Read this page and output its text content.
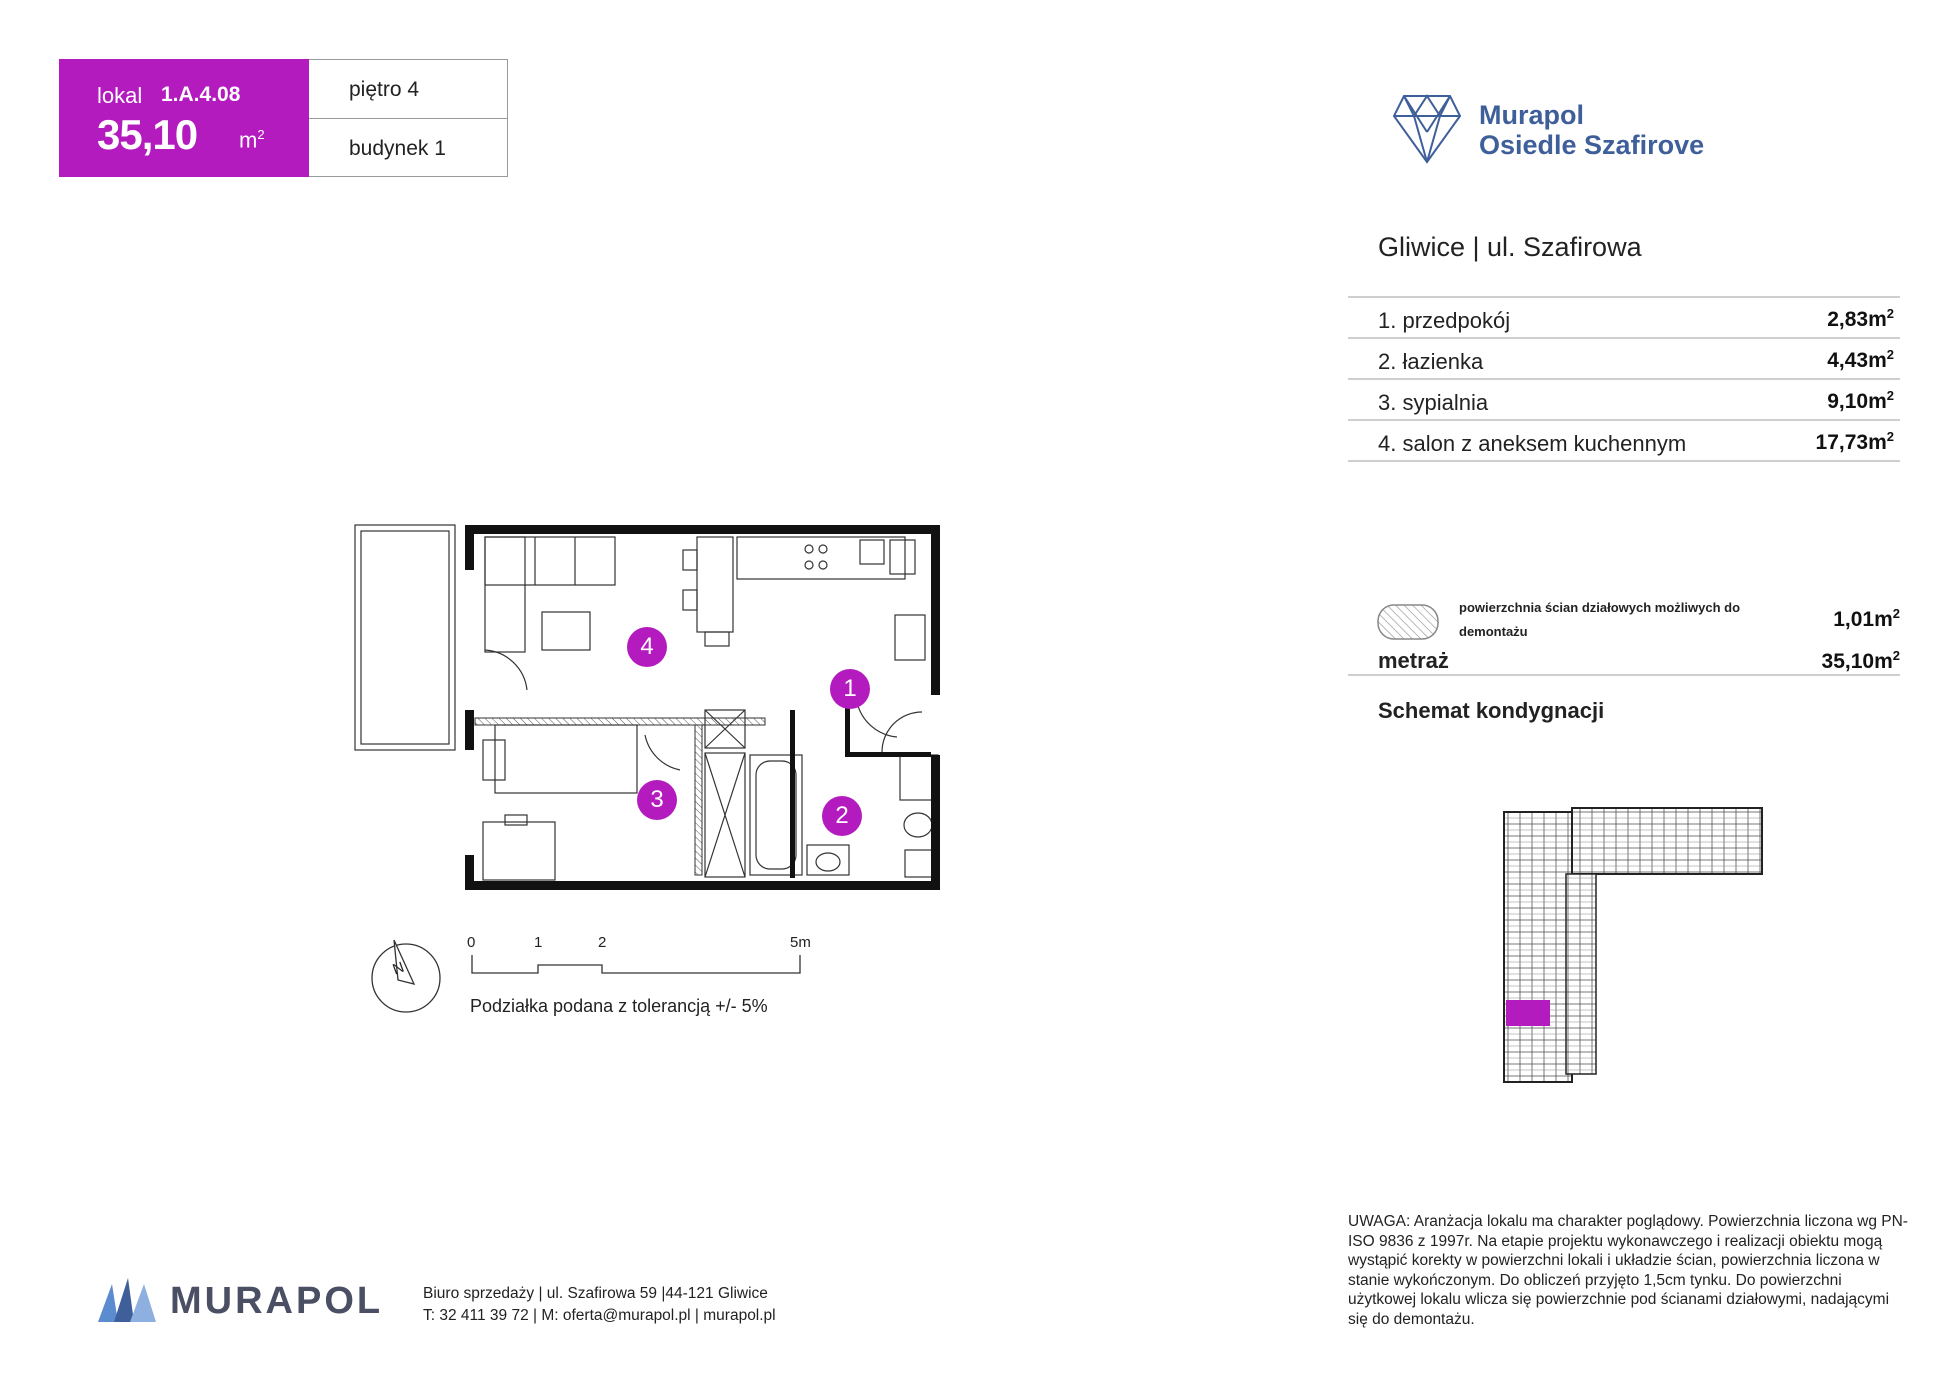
lokal 1.A.4.08
35,10 $m^2$
piętro 4
budynek 1
Murapol
Osiedle Szafirove
Gliwice | ul. Szafirowa
1. przedpokój	$2,83m^2$
2. łazienka	$4,43m^2$
3. sypialnia	$9,10m^2$
4. salon z aneksem kuchennym	$17,73m^2$
powierzchnia ścian działowych możliwych do demontażu
$1,01m^2$
metraż	$35,10m^2$
Schemat kondygnacji
4
1
3
2
N
0	1	2	5m
Podziałka podana z tolerancją +/- 5%
UWAGA: Aranżacja lokalu ma charakter poglądowy. Powierzchnia liczona wg PN-ISO 9836 z 1997r. Na etapie projektu wykonawczego i realizacji obiektu mogą wystąpić korekty w powierzchni lokali i układzie ścian, powierzchnia liczona w stanie wykończonym. Do obliczeń przyjęto 1,5cm tynku. Do powierzchni użytkowej lokalu wlicza się powierzchnie pod ścianami działowymi, nadającymi się do demontażu.
MURAPOL	Biuro sprzedaży | ul. Szafirowa 59 |44-121 Gliwice
T: 32 411 39 72 | M: oferta@murapol.pl | murapol.pl
